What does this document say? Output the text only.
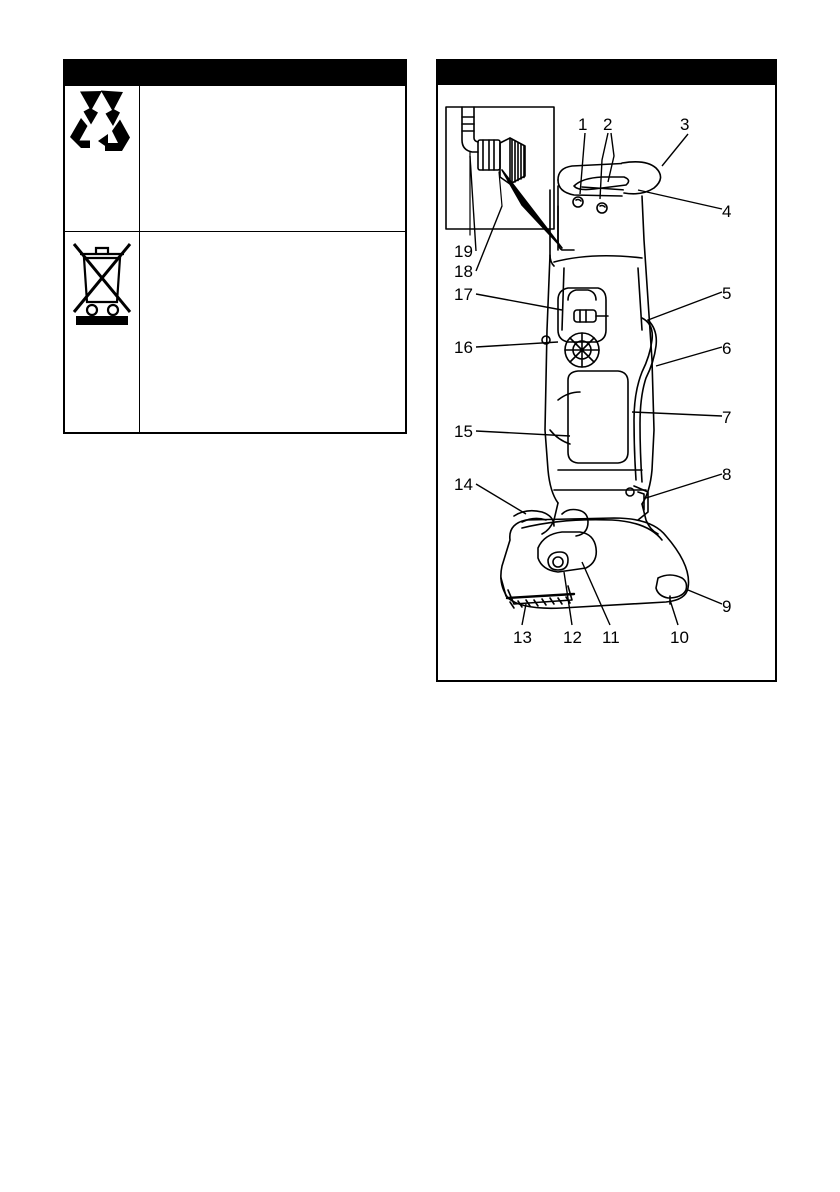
1 2	3
4
5
6
7
8
9
10
11
12
13
14
15
16
17
18
19
